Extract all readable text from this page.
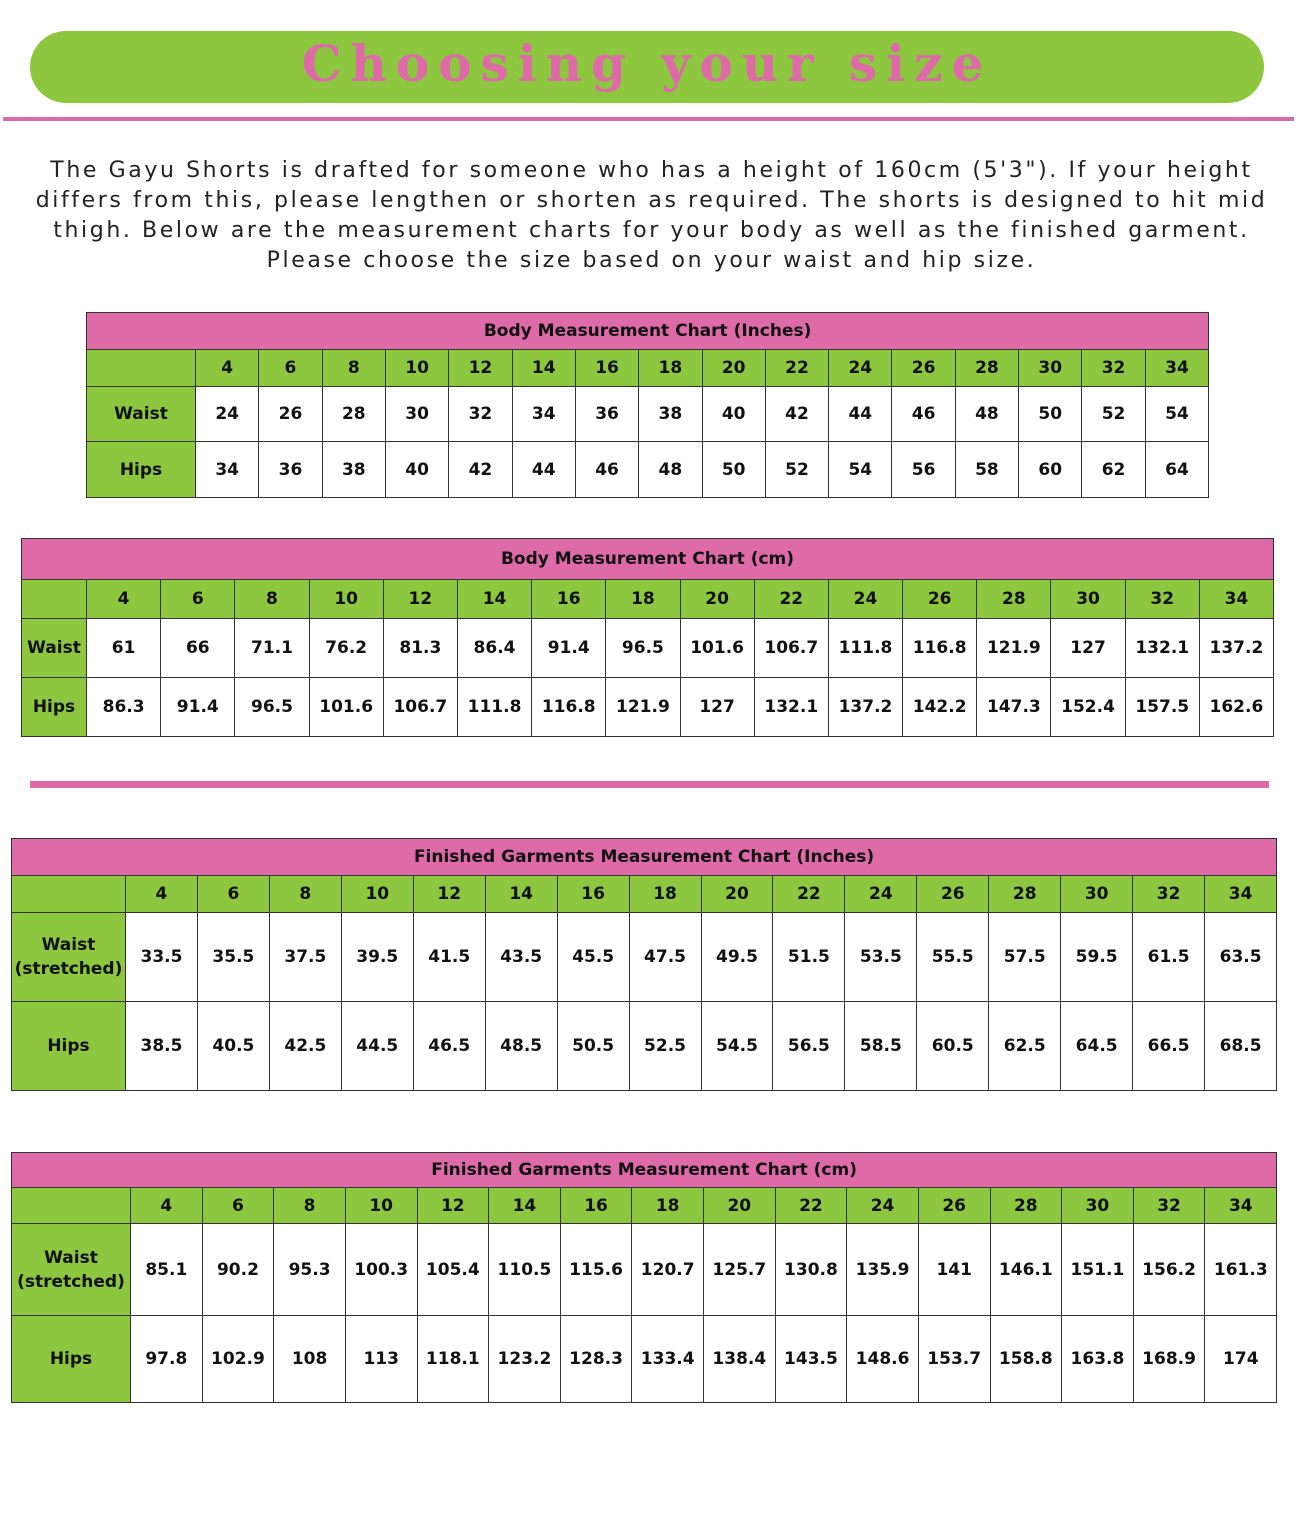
Choosing your size

The Gayu Shorts is drafted for someone who has a height of 160cm (5'3"). If your height differs from this, please lengthen or shorten as required. The shorts is designed to hit mid thigh. Below are the measurement charts for your body as well as the finished garment. Please choose the size based on your waist and hip size.

Body Measurement Chart (Inches)																
	4	6	8	10	12	14	16	18	20	22	24	26	28	30	32	34
Waist	24	26	28	30	32	34	36	38	40	42	44	46	48	50	52	54
Hips	34	36	38	40	42	44	46	48	50	52	54	56	58	60	62	64
Body Measurement Chart (cm)																
	4	6	8	10	12	14	16	18	20	22	24	26	28	30	32	34
Waist	61	66	71.1	76.2	81.3	86.4	91.4	96.5	101.6	106.7	111.8	116.8	121.9	127	132.1	137.2
Hips	86.3	91.4	96.5	101.6	106.7	111.8	116.8	121.9	127	132.1	137.2	142.2	147.3	152.4	157.5	162.6
Finished Garments Measurement Chart (Inches)																
	4	6	8	10	12	14	16	18	20	22	24	26	28	30	32	34
Waist (stretched)	33.5	35.5	37.5	39.5	41.5	43.5	45.5	47.5	49.5	51.5	53.5	55.5	57.5	59.5	61.5	63.5
Hips	38.5	40.5	42.5	44.5	46.5	48.5	50.5	52.5	54.5	56.5	58.5	60.5	62.5	64.5	66.5	68.5
Finished Garments Measurement Chart (cm)																
	4	6	8	10	12	14	16	18	20	22	24	26	28	30	32	34
Waist (stretched)	85.1	90.2	95.3	100.3	105.4	110.5	115.6	120.7	125.7	130.8	135.9	141	146.1	151.1	156.2	161.3
Hips	97.8	102.9	108	113	118.1	123.2	128.3	133.4	138.4	143.5	148.6	153.7	158.8	163.8	168.9	174
